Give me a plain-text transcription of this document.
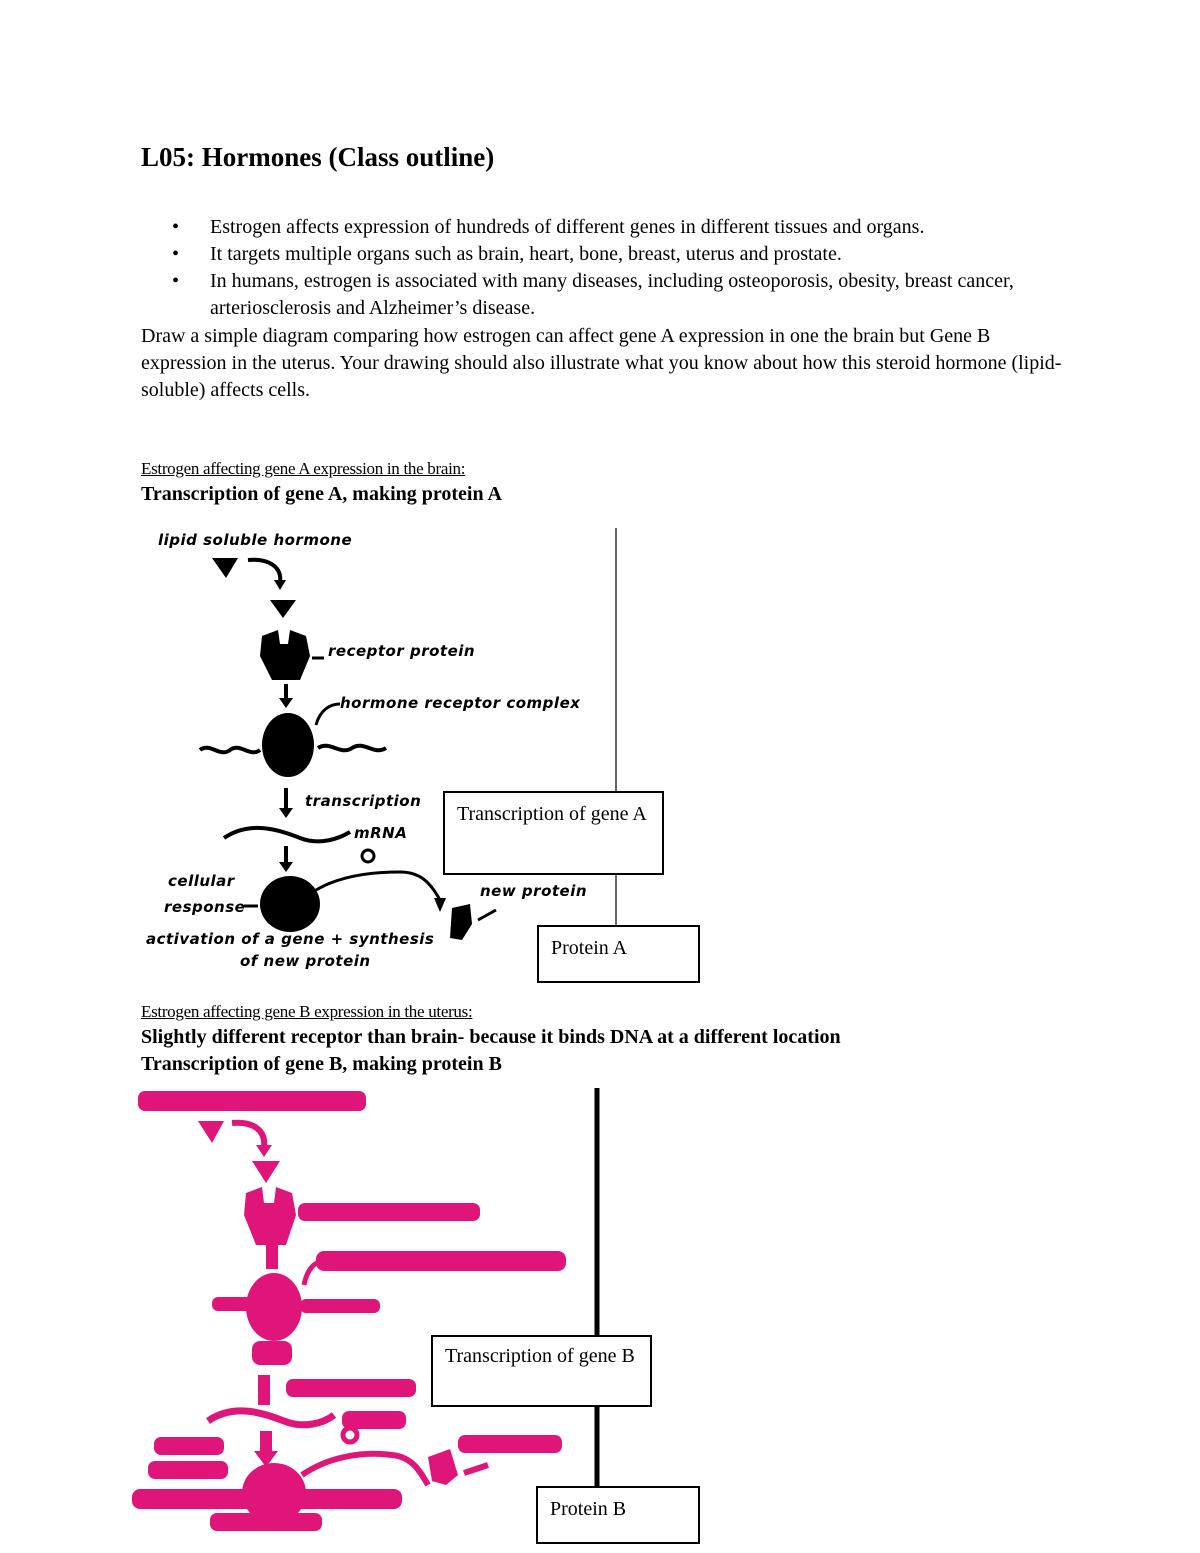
L05: Hormones (Class outline)
• Estrogen affects expression of hundreds of different genes in different tissues and organs.
• It targets multiple organs such as brain, heart, bone, breast, uterus and prostate.
• In humans, estrogen is associated with many diseases, including osteoporosis, obesity, breast cancer, arteriosclerosis and Alzheimer’s disease.

Draw a simple diagram comparing how estrogen can affect gene A expression in one the brain but Gene B expression in the uterus. Your drawing should also illustrate what you know about how this steroid hormone (lipid-soluble) affects cells.

Estrogen affecting gene A expression in the brain:
Transcription of gene A, making protein A
lipid soluble hormone
receptor protein
hormone receptor complex
transcription
mRNA
new protein
cellular
response
activation of a gene + synthesis
of new protein
Transcription of gene A
Protein A
Estrogen affecting gene B expression in the uterus:
Slightly different receptor than brain- because it binds DNA at a different location
Transcription of gene B, making protein B
Transcription of gene B
Protein B
